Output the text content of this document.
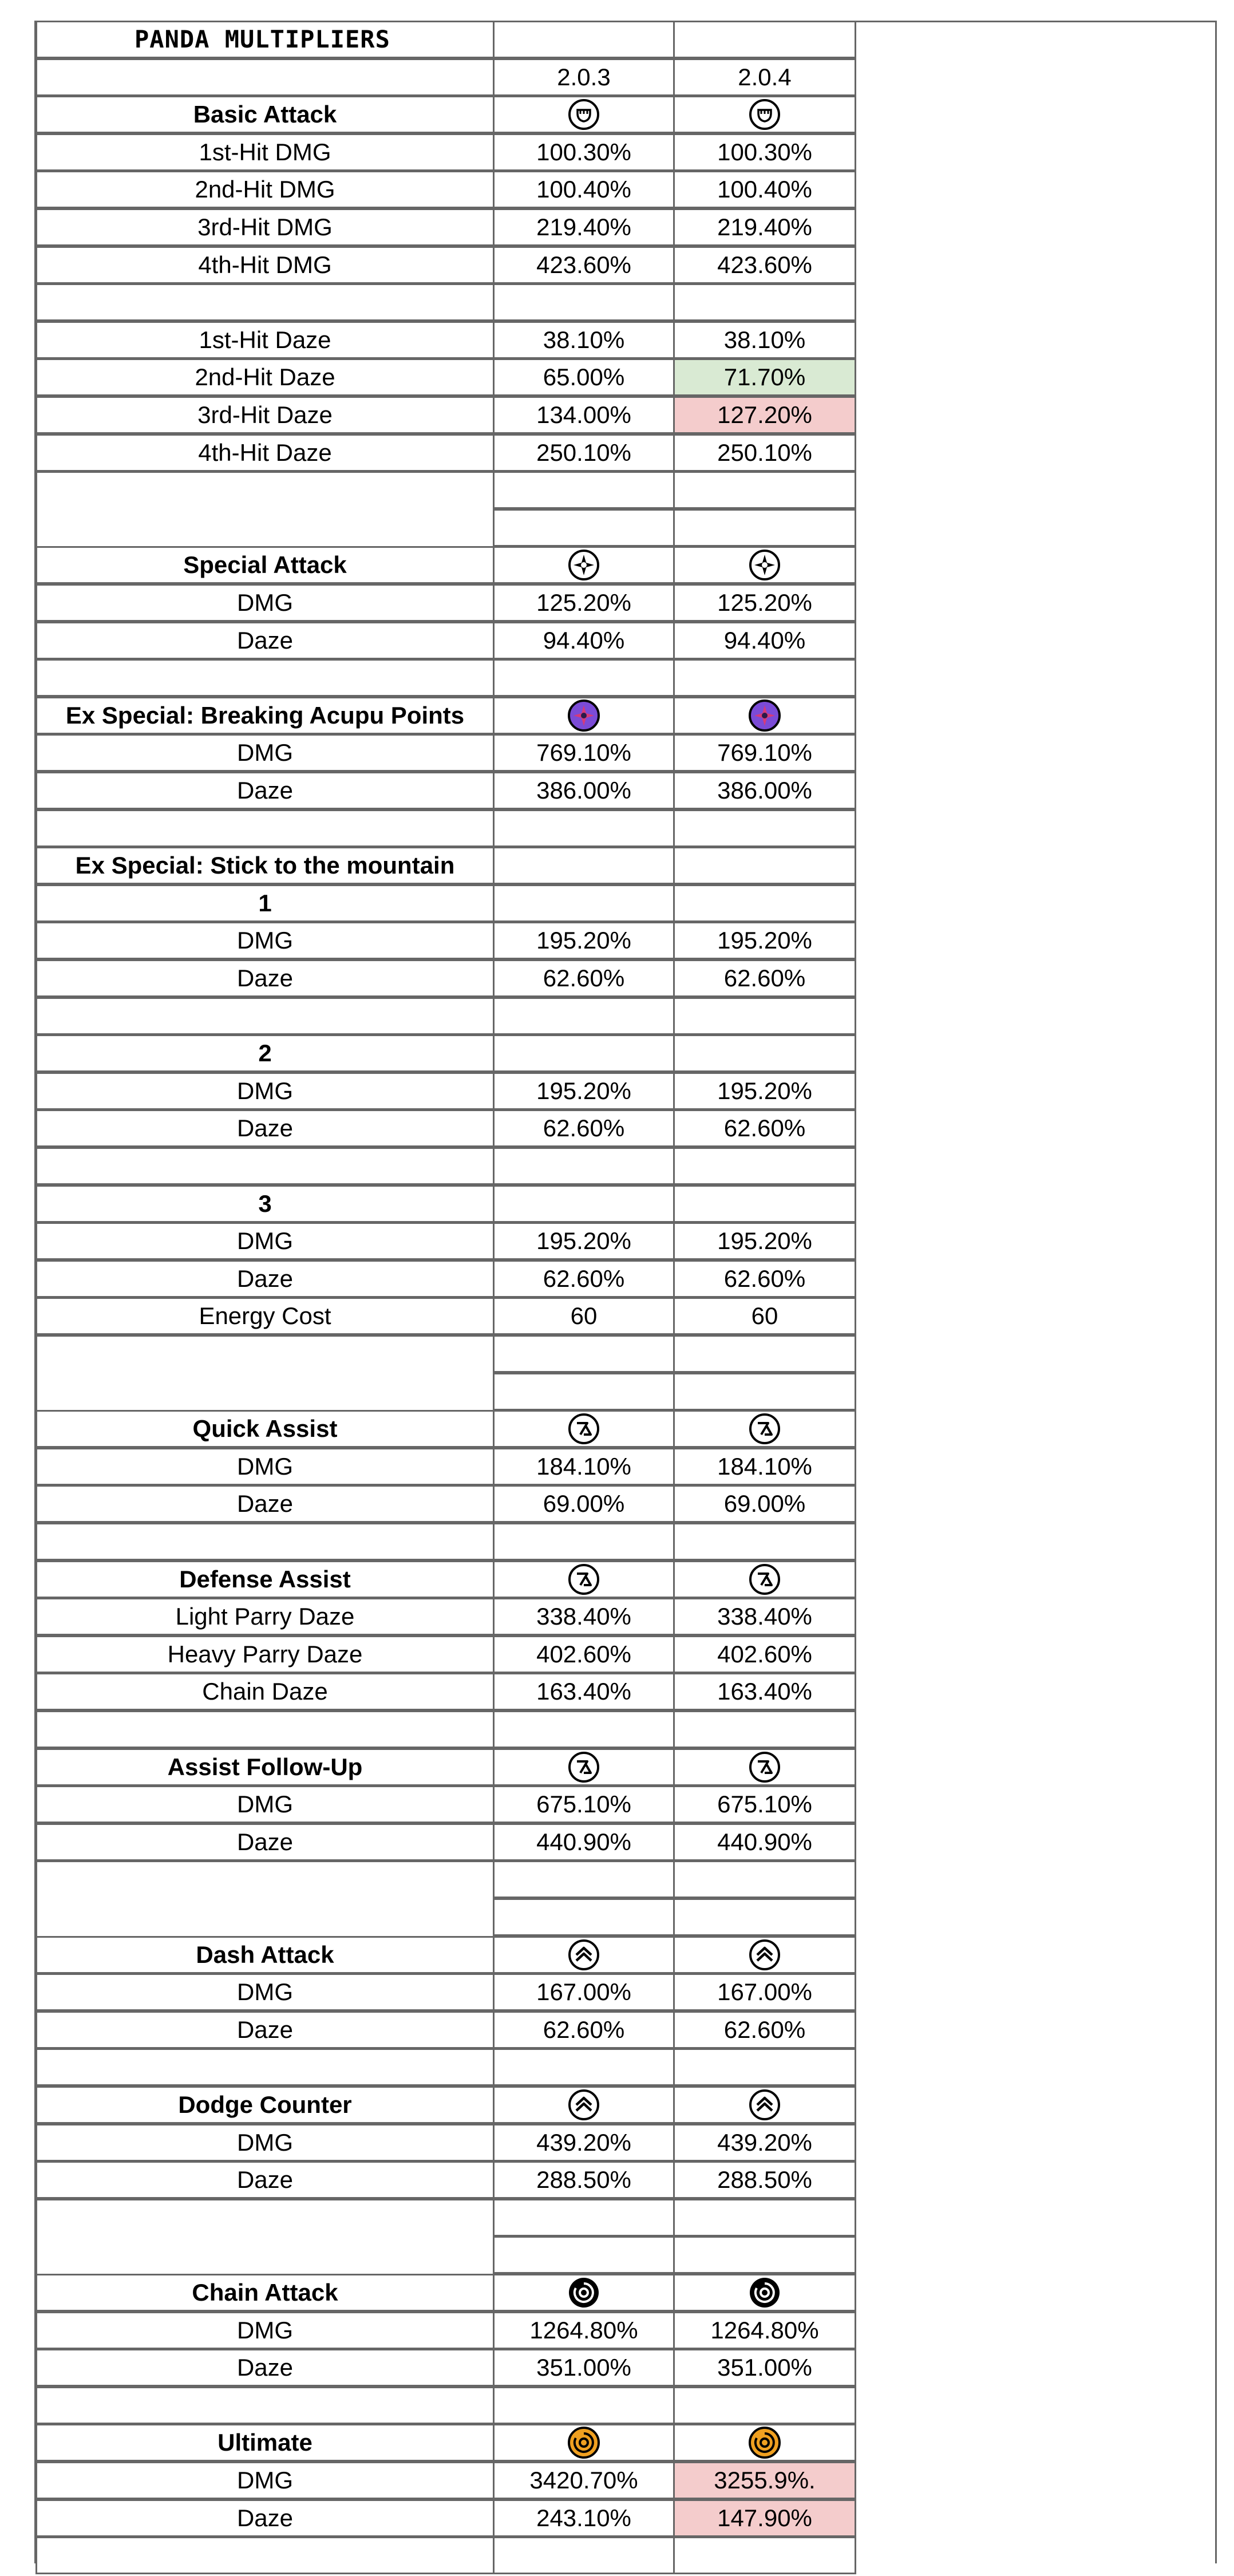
PANDA MULTIPLIERS
2.0.3	2.0.4
Basic Attack
1st-Hit DMG	100.30%	100.30%
2nd-Hit DMG	100.40%	100.40%
3rd-Hit DMG	219.40%	219.40%
4th-Hit DMG	423.60%	423.60%
1st-Hit Daze	38.10%	38.10%
2nd-Hit Daze	65.00%	71.70%
3rd-Hit Daze	134.00%	127.20%
4th-Hit Daze	250.10%	250.10%
Special Attack
DMG	125.20%	125.20%
Daze	94.40%	94.40%
Ex Special: Breaking Acupu Points
DMG	769.10%	769.10%
Daze	386.00%	386.00%
Ex Special: Stick to the mountain
1
DMG	195.20%	195.20%
Daze	62.60%	62.60%
2
DMG	195.20%	195.20%
Daze	62.60%	62.60%
3
DMG	195.20%	195.20%
Daze	62.60%	62.60%
Energy Cost	60	60
Quick Assist
DMG	184.10%	184.10%
Daze	69.00%	69.00%
Defense Assist
Light Parry Daze	338.40%	338.40%
Heavy Parry Daze	402.60%	402.60%
Chain Daze	163.40%	163.40%
Assist Follow-Up
DMG	675.10%	675.10%
Daze	440.90%	440.90%
Dash Attack
DMG	167.00%	167.00%
Daze	62.60%	62.60%
Dodge Counter
DMG	439.20%	439.20%
Daze	288.50%	288.50%
Chain Attack
DMG	1264.80%	1264.80%
Daze	351.00%	351.00%
Ultimate
DMG	3420.70%	3255.9%.
Daze	243.10%	147.90%
